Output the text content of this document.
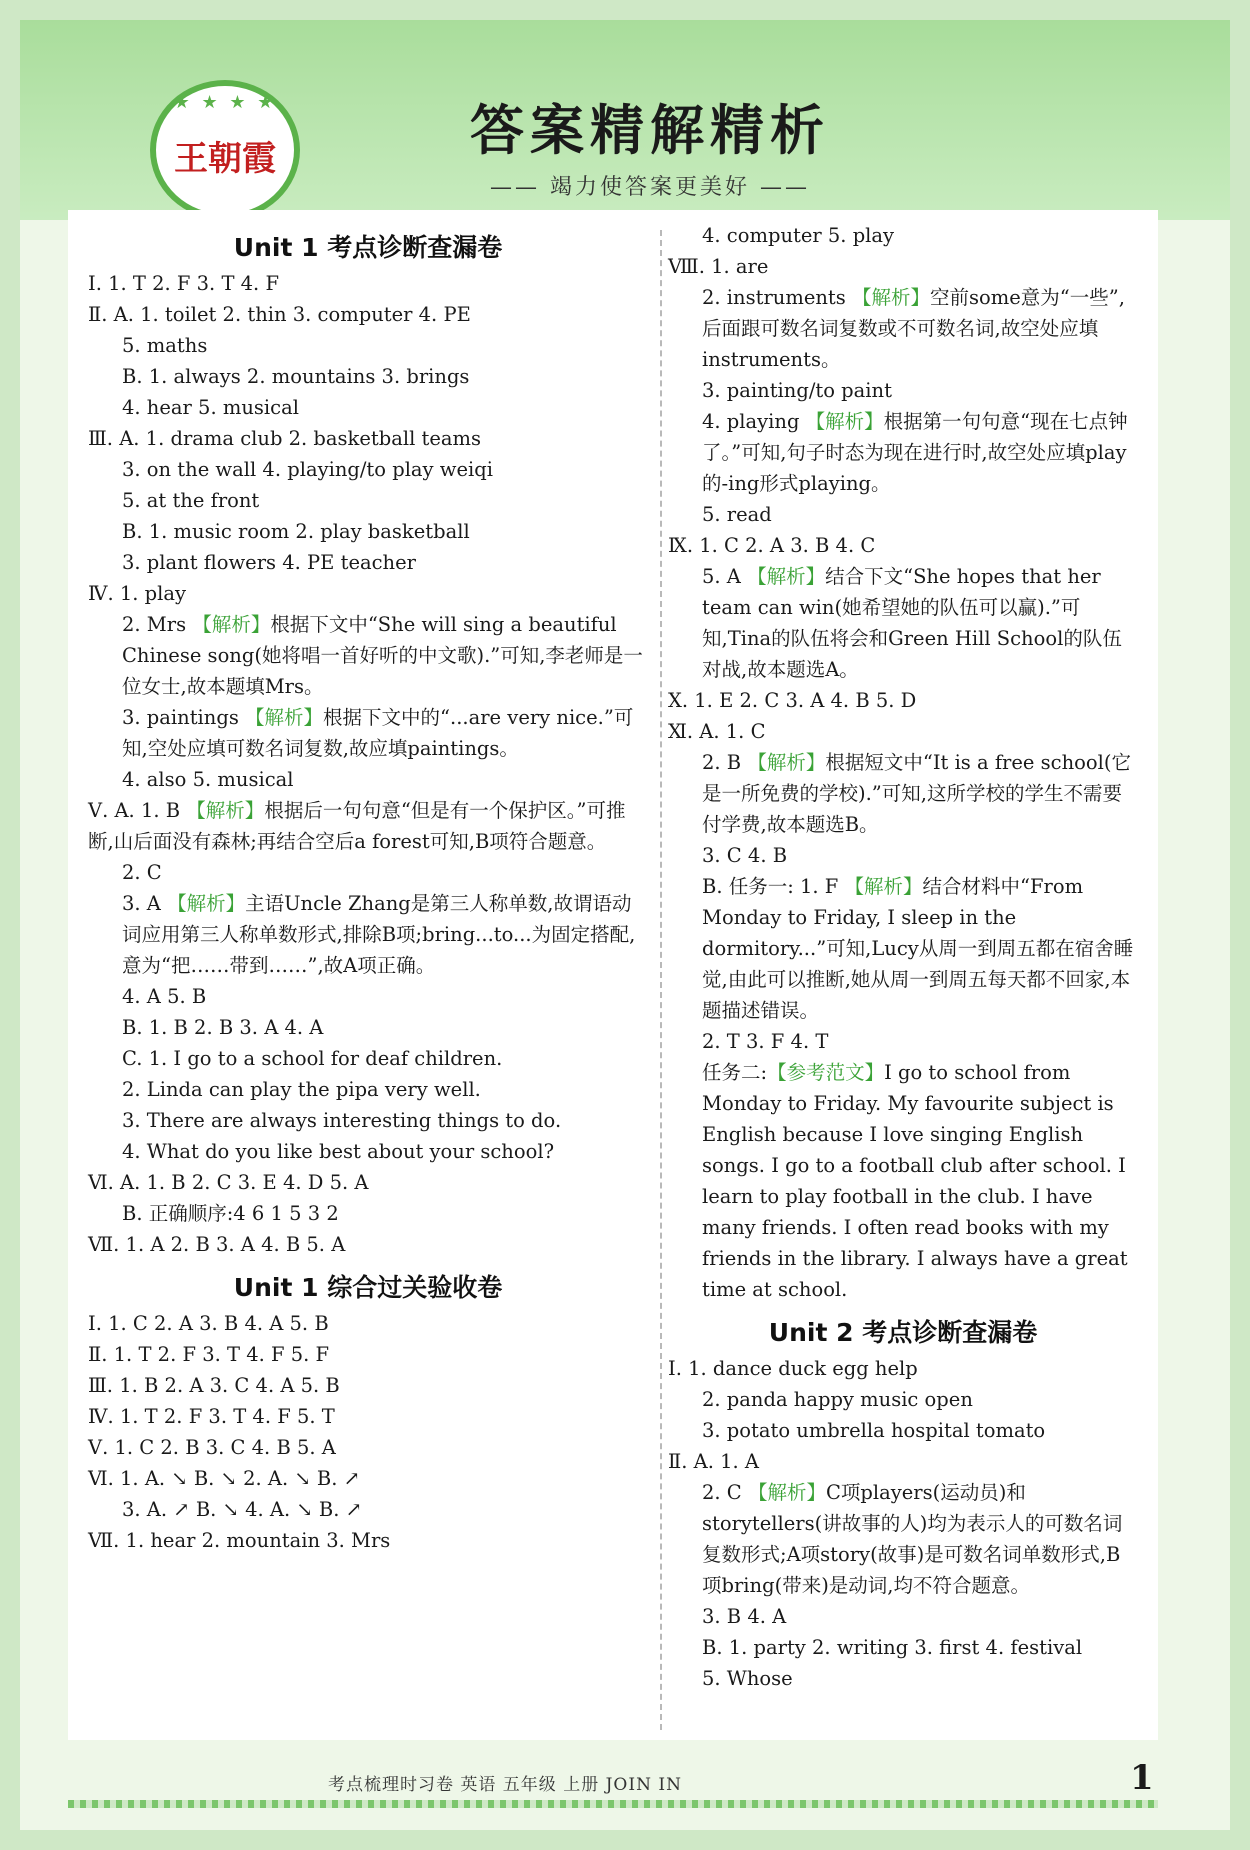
★ ★ ★ ★
王朝霞	答案精解精析
—— 竭力使答案更美好 ——
Unit 1 考点诊断查漏卷
Ⅰ. 1. T 2. F 3. T 4. F
Ⅱ. A. 1. toilet 2. thin 3. computer 4. PE
5. maths
B. 1. always 2. mountains 3. brings
4. hear 5. musical
Ⅲ. A. 1. drama club 2. basketball teams
3. on the wall 4. playing/to play weiqi
5. at the front
B. 1. music room 2. play basketball
3. plant flowers 4. PE teacher
Ⅳ. 1. play
2. Mrs 【解析】根据下文中“She will sing a beautiful Chinese song(她将唱一首好听的中文歌).”可知,李老师是一位女士,故本题填Mrs。
3. paintings 【解析】根据下文中的“...are very nice.”可知,空处应填可数名词复数,故应填paintings。
4. also 5. musical
Ⅴ. A. 1. B 【解析】根据后一句句意“但是有一个保护区。”可推断,山后面没有森林;再结合空后a forest可知,B项符合题意。
2. C
3. A 【解析】主语Uncle Zhang是第三人称单数,故谓语动词应用第三人称单数形式,排除B项;bring...to...为固定搭配,意为“把……带到……”,故A项正确。
4. A 5. B
B. 1. B 2. B 3. A 4. A
C. 1. I go to a school for deaf children.
2. Linda can play the pipa very well.
3. There are always interesting things to do.
4. What do you like best about your school?
Ⅵ. A. 1. B 2. C 3. E 4. D 5. A
B. 正确顺序:4 6 1 5 3 2
Ⅶ. 1. A 2. B 3. A 4. B 5. A
Unit 1 综合过关验收卷
Ⅰ. 1. C 2. A 3. B 4. A 5. B
Ⅱ. 1. T 2. F 3. T 4. F 5. F
Ⅲ. 1. B 2. A 3. C 4. A 5. B
Ⅳ. 1. T 2. F 3. T 4. F 5. T
Ⅴ. 1. C 2. B 3. C 4. B 5. A
Ⅵ. 1. A. ↘ B. ↘ 2. A. ↘ B. ↗
3. A. ↗ B. ↘ 4. A. ↘ B. ↗
Ⅶ. 1. hear 2. mountain 3. Mrs
4. computer 5. play
Ⅷ. 1. are
2. instruments 【解析】空前some意为“一些”,后面跟可数名词复数或不可数名词,故空处应填instruments。
3. painting/to paint
4. playing 【解析】根据第一句句意“现在七点钟了。”可知,句子时态为现在进行时,故空处应填play的-ing形式playing。
5. read
Ⅸ. 1. C 2. A 3. B 4. C
5. A 【解析】结合下文“She hopes that her team can win(她希望她的队伍可以赢).”可知,Tina的队伍将会和Green Hill School的队伍对战,故本题选A。
Ⅹ. 1. E 2. C 3. A 4. B 5. D
Ⅺ. A. 1. C
2. B 【解析】根据短文中“It is a free school(它是一所免费的学校).”可知,这所学校的学生不需要付学费,故本题选B。
3. C 4. B
B. 任务一: 1. F 【解析】结合材料中“From Monday to Friday, I sleep in the dormitory...”可知,Lucy从周一到周五都在宿舍睡觉,由此可以推断,她从周一到周五每天都不回家,本题描述错误。
2. T 3. F 4. T
任务二:【参考范文】I go to school from Monday to Friday. My favourite subject is English because I love singing English songs. I go to a football club after school. I learn to play football in the club. I have many friends. I often read books with my friends in the library. I always have a great time at school.
Unit 2 考点诊断查漏卷
Ⅰ. 1. dance duck egg help
2. panda happy music open
3. potato umbrella hospital tomato
Ⅱ. A. 1. A
2. C 【解析】C项players(运动员)和storytellers(讲故事的人)均为表示人的可数名词复数形式;A项story(故事)是可数名词单数形式,B项bring(带来)是动词,均不符合题意。
3. B 4. A
B. 1. party 2. writing 3. first 4. festival
5. Whose
考点梳理时习卷 英语 五年级 上册 JOIN IN	1
